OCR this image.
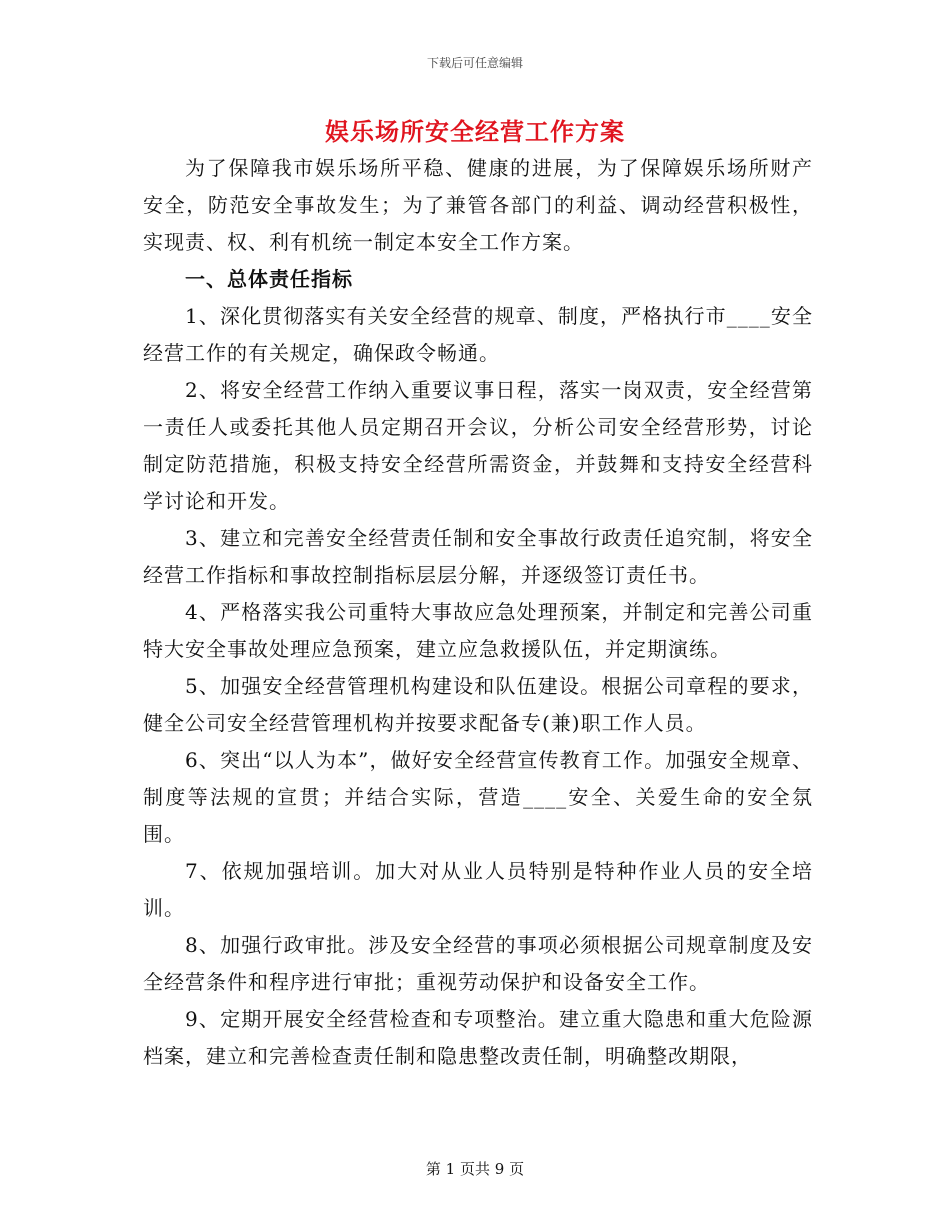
下载后可任意编辑
娱乐场所安全经营工作方案

为了保障我市娱乐场所平稳、健康的进展，为了保障娱乐场所财产安全，防范安全事故发生；为了兼管各部门的利益、调动经营积极性，实现责、权、利有机统一制定本安全工作方案。

一、总体责任指标

1、深化贯彻落实有关安全经营的规章、制度，严格执行市____安全经营工作的有关规定，确保政令畅通。

2、将安全经营工作纳入重要议事日程，落实一岗双责，安全经营第一责任人或委托其他人员定期召开会议，分析公司安全经营形势，讨论制定防范措施，积极支持安全经营所需资金，并鼓舞和支持安全经营科学讨论和开发。

3、建立和完善安全经营责任制和安全事故行政责任追究制，将安全经营工作指标和事故控制指标层层分解，并逐级签订责任书。

4、严格落实我公司重特大事故应急处理预案，并制定和完善公司重特大安全事故处理应急预案，建立应急救援队伍，并定期演练。

5、加强安全经营管理机构建设和队伍建设。根据公司章程的要求，健全公司安全经营管理机构并按要求配备专(兼)职工作人员。

6、突出“以人为本”，做好安全经营宣传教育工作。加强安全规章、制度等法规的宣贯；并结合实际，营造____安全、关爱生命的安全氛围。

7、依规加强培训。加大对从业人员特别是特种作业人员的安全培训。

8、加强行政审批。涉及安全经营的事项必须根据公司规章制度及安全经营条件和程序进行审批；重视劳动保护和设备安全工作。

9、定期开展安全经营检查和专项整治。建立重大隐患和重大危险源档案，建立和完善检查责任制和隐患整改责任制，明确整改期限，

第 1 页共 9 页
